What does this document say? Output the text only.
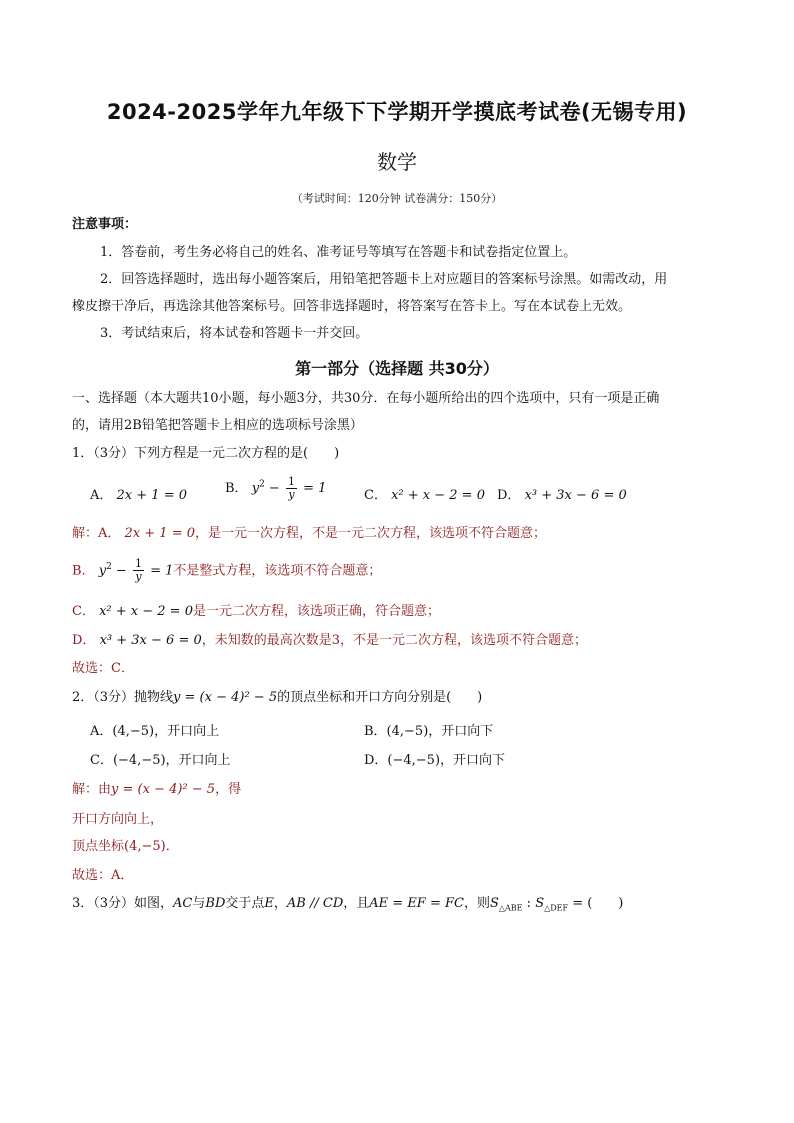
2024-2025学年九年级下下学期开学摸底考试卷(无锡专用)
数学
（考试时间：120分钟 试卷满分：150分）
注意事项：
1．答卷前，考生务必将自己的姓名、准考证号等填写在答题卡和试卷指定位置上。
2．回答选择题时，选出每小题答案后，用铅笔把答题卡上对应题目的答案标号涂黑。如需改动，用
橡皮擦干净后，再选涂其他答案标号。回答非选择题时，将答案写在答卡上。写在本试卷上无效。
3．考试结束后，将本试卷和答题卡一并交回。
第一部分（选择题 共30分）
一、选择题（本大题共10小题，每小题3分，共30分．在每小题所给出的四个选项中，只有一项是正确
的，请用2B铅笔把答题卡上相应的选项标号涂黑）
1．（3分）下列方程是一元二次方程的是(　　)
A． 2x + 1 = 0	B． $y^2 - \frac{1}{y} = 1$	C． x² + x − 2 = 0 D． x³ + 3x − 6 = 0
解：A． 2x + 1 = 0，是一元一次方程，不是一元二次方程，该选项不符合题意；
B． $y^2 - \frac{1}{y} = 1$不是整式方程，该选项不符合题意；
C． x² + x − 2 = 0是一元二次方程，该选项正确，符合题意；
D． x³ + 3x − 6 = 0，未知数的最高次数是3，不是一元二次方程，该选项不符合题意；
故选：C．
2．（3分）抛物线y = (x − 4)² − 5的顶点坐标和开口方向分别是(　　)
A．(4,−5)，开口向上	B．(4,−5)，开口向下
C．(−4,−5)，开口向上	D．(−4,−5)，开口向下
解：由y = (x − 4)² − 5，得
开口方向向上，
顶点坐标(4,−5)．
故选：A．
3．（3分）如图，AC与BD交于点E，AB // CD，且AE = EF = FC，则$S_{\triangle ABE}$ : $S_{\triangle DEF}$ = (　　)
